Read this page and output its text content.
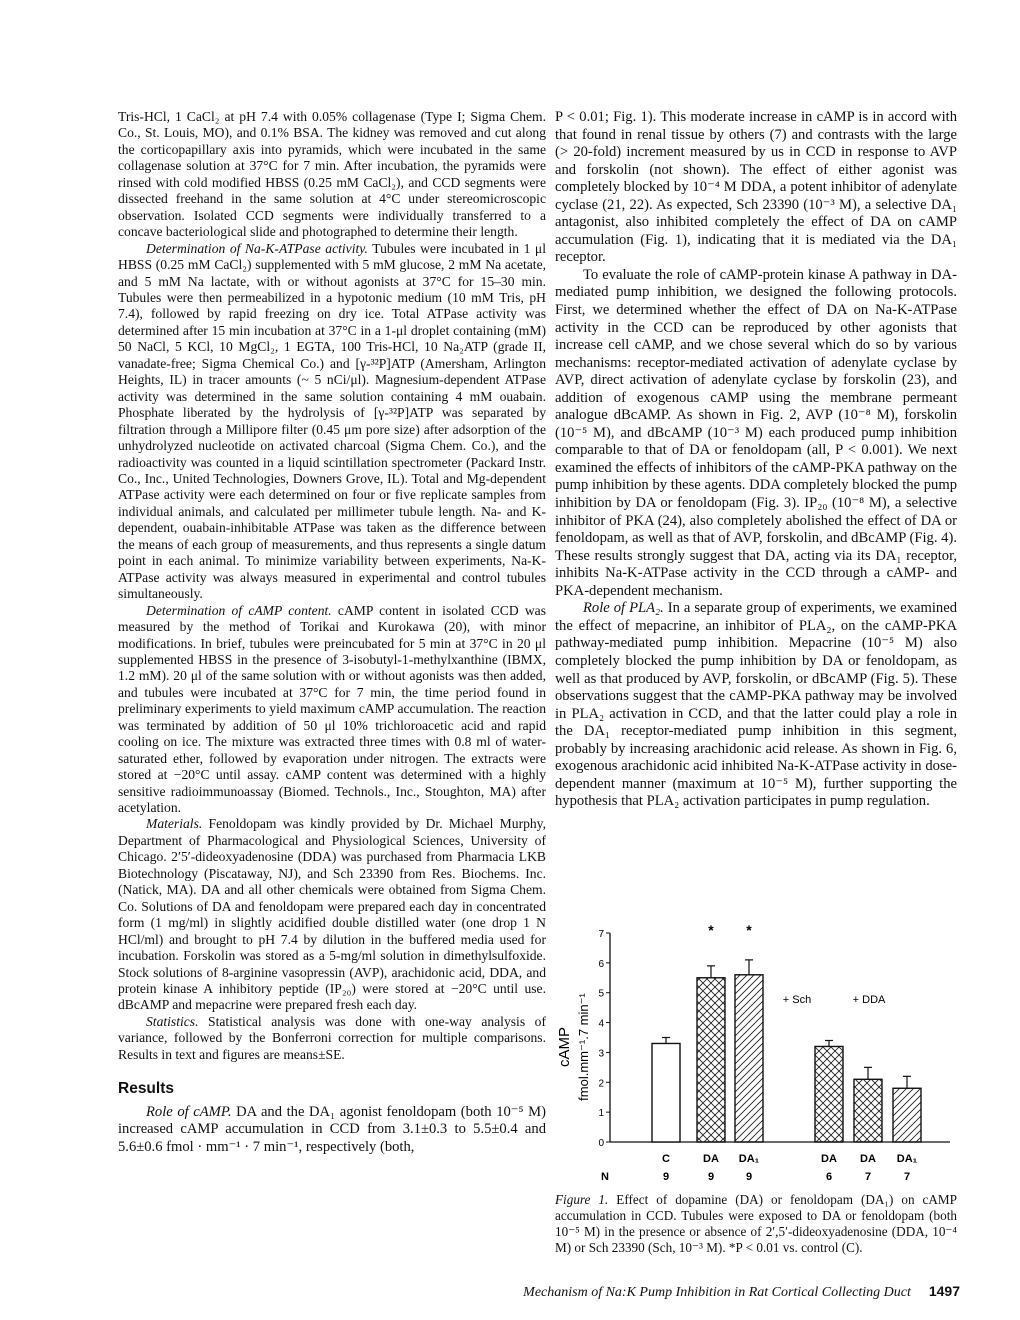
Tris-HCl, 1 CaCl₂ at pH 7.4 with 0.05% collagenase (Type I; Sigma Chem. Co., St. Louis, MO), and 0.1% BSA. The kidney was removed and cut along the corticopapillary axis into pyramids, which were incubated in the same collagenase solution at 37°C for 7 min. After incubation, the pyramids were rinsed with cold modified HBSS (0.25 mM CaCl₂), and CCD segments were dissected freehand in the same solution at 4°C under stereomicroscopic observation. Isolated CCD segments were individually transferred to a concave bacteriological slide and photographed to determine their length.

Determination of Na-K-ATPase activity. Tubules were incubated in 1 μl HBSS (0.25 mM CaCl₂) supplemented with 5 mM glucose, 2 mM Na acetate, and 5 mM Na lactate, with or without agonists at 37°C for 15–30 min. Tubules were then permeabilized in a hypotonic medium (10 mM Tris, pH 7.4), followed by rapid freezing on dry ice. Total ATPase activity was determined after 15 min incubation at 37°C in a 1-μl droplet containing (mM) 50 NaCl, 5 KCl, 10 MgCl₂, 1 EGTA, 100 Tris-HCl, 10 Na₂ATP (grade II, vanadate-free; Sigma Chemical Co.) and [γ-³²P]ATP (Amersham, Arlington Heights, IL) in tracer amounts (~ 5 nCi/μl). Magnesium-dependent ATPase activity was determined in the same solution containing 4 mM ouabain. Phosphate liberated by the hydrolysis of [γ-³²P]ATP was separated by filtration through a Millipore filter (0.45 μm pore size) after adsorption of the unhydrolyzed nucleotide on activated charcoal (Sigma Chem. Co.), and the radioactivity was counted in a liquid scintillation spectrometer (Packard Instr. Co., Inc., United Technologies, Downers Grove, IL). Total and Mg-dependent ATPase activity were each determined on four or five replicate samples from individual animals, and calculated per millimeter tubule length. Na- and K-dependent, ouabain-inhibitable ATPase was taken as the difference between the means of each group of measurements, and thus represents a single datum point in each animal. To minimize variability between experiments, Na-K-ATPase activity was always measured in experimental and control tubules simultaneously.

Determination of cAMP content. cAMP content in isolated CCD was measured by the method of Torikai and Kurokawa (20), with minor modifications. In brief, tubules were preincubated for 5 min at 37°C in 20 μl supplemented HBSS in the presence of 3-isobutyl-1-methylxanthine (IBMX, 1.2 mM). 20 μl of the same solution with or without agonists was then added, and tubules were incubated at 37°C for 7 min, the time period found in preliminary experiments to yield maximum cAMP accumulation. The reaction was terminated by addition of 50 μl 10% trichloroacetic acid and rapid cooling on ice. The mixture was extracted three times with 0.8 ml of water-saturated ether, followed by evaporation under nitrogen. The extracts were stored at −20°C until assay. cAMP content was determined with a highly sensitive radioimmunoassay (Biomed. Technols., Inc., Stoughton, MA) after acetylation.

Materials. Fenoldopam was kindly provided by Dr. Michael Murphy, Department of Pharmacological and Physiological Sciences, University of Chicago. 2′5′-dideoxyadenosine (DDA) was purchased from Pharmacia LKB Biotechnology (Piscataway, NJ), and Sch 23390 from Res. Biochems. Inc. (Natick, MA). DA and all other chemicals were obtained from Sigma Chem. Co. Solutions of DA and fenoldopam were prepared each day in concentrated form (1 mg/ml) in slightly acidified double distilled water (one drop 1 N HCl/ml) and brought to pH 7.4 by dilution in the buffered media used for incubation. Forskolin was stored as a 5-mg/ml solution in dimethylsulfoxide. Stock solutions of 8-arginine vasopressin (AVP), arachidonic acid, DDA, and protein kinase A inhibitory peptide (IP₂₀) were stored at −20°C until use. dBcAMP and mepacrine were prepared fresh each day.

Statistics. Statistical analysis was done with one-way analysis of variance, followed by the Bonferroni correction for multiple comparisons. Results in text and figures are means±SE.

Results

Role of cAMP. DA and the DA₁ agonist fenoldopam (both 10⁻⁵ M) increased cAMP accumulation in CCD from 3.1±0.3 to 5.5±0.4 and 5.6±0.6 fmol · mm⁻¹ · 7 min⁻¹, respectively (both,

P < 0.01; Fig. 1). This moderate increase in cAMP is in accord with that found in renal tissue by others (7) and contrasts with the large (> 20-fold) increment measured by us in CCD in response to AVP and forskolin (not shown). The effect of either agonist was completely blocked by 10⁻⁴ M DDA, a potent inhibitor of adenylate cyclase (21, 22). As expected, Sch 23390 (10⁻³ M), a selective DA₁ antagonist, also inhibited completely the effect of DA on cAMP accumulation (Fig. 1), indicating that it is mediated via the DA₁ receptor.

To evaluate the role of cAMP-protein kinase A pathway in DA-mediated pump inhibition, we designed the following protocols. First, we determined whether the effect of DA on Na-K-ATPase activity in the CCD can be reproduced by other agonists that increase cell cAMP, and we chose several which do so by various mechanisms: receptor-mediated activation of adenylate cyclase by AVP, direct activation of adenylate cyclase by forskolin (23), and addition of exogenous cAMP using the membrane permeant analogue dBcAMP. As shown in Fig. 2, AVP (10⁻⁸ M), forskolin (10⁻⁵ M), and dBcAMP (10⁻³ M) each produced pump inhibition comparable to that of DA or fenoldopam (all, P < 0.001). We next examined the effects of inhibitors of the cAMP-PKA pathway on the pump inhibition by these agents. DDA completely blocked the pump inhibition by DA or fenoldopam (Fig. 3). IP₂₀ (10⁻⁸ M), a selective inhibitor of PKA (24), also completely abolished the effect of DA or fenoldopam, as well as that of AVP, forskolin, and dBcAMP (Fig. 4). These results strongly suggest that DA, acting via its DA₁ receptor, inhibits Na-K-ATPase activity in the CCD through a cAMP- and PKA-dependent mechanism.

Role of PLA₂. In a separate group of experiments, we examined the effect of mepacrine, an inhibitor of PLA₂, on the cAMP-PKA pathway-mediated pump inhibition. Mepacrine (10⁻⁵ M) also completely blocked the pump inhibition by DA or fenoldopam, as well as that produced by AVP, forskolin, or dBcAMP (Fig. 5). These observations suggest that the cAMP-PKA pathway may be involved in PLA₂ activation in CCD, and that the latter could play a role in the DA₁ receptor-mediated pump inhibition in this segment, probably by increasing arachidonic acid release. As shown in Fig. 6, exogenous arachidonic acid inhibited Na-K-ATPase activity in dose-dependent manner (maximum at 10⁻⁵ M), further supporting the hypothesis that PLA₂ activation participates in pump regulation.

cAMP fmol.mm⁻¹.7 min⁻¹	+ Sch	+ DDA
N
0
1
2
3
4
5
6
7
C
9
DA
9
*
DA₁
9
*
DA
6
DA
7
DA₁
7
Figure 1. Effect of dopamine (DA) or fenoldopam (DA₁) on cAMP accumulation in CCD. Tubules were exposed to DA or fenoldopam (both 10⁻⁵ M) in the presence or absence of 2′,5′-dideoxyadenosine (DDA, 10⁻⁴ M) or Sch 23390 (Sch, 10⁻³ M). *P < 0.01 vs. control (C).
Mechanism of Na:K Pump Inhibition in Rat Cortical Collecting Duct 1497
